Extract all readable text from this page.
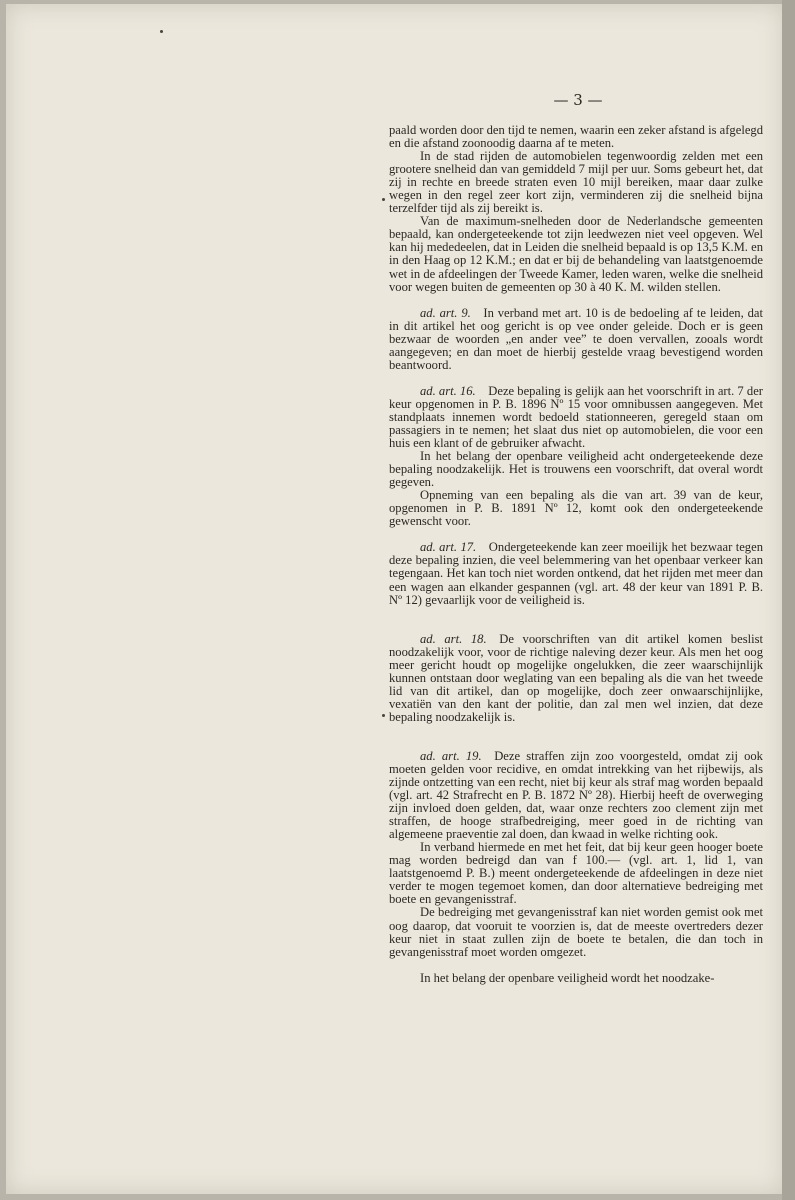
— 3 —

paald worden door den tijd te nemen, waarin een zeker afstand is afgelegd en die afstand zoonoodig daarna af te meten.

In de stad rijden de automobielen tegenwoordig zelden met een grootere snelheid dan van gemiddeld 7 mijl per uur. Soms gebeurt het, dat zij in rechte en breede straten even 10 mijl bereiken, maar daar zulke wegen in den regel zeer kort zijn, verminderen zij die snelheid bijna terzelfder tijd als zij bereikt is.

Van de maximum-snelheden door de Nederlandsche gemeenten bepaald, kan ondergeteekende tot zijn leedwezen niet veel opgeven. Wel kan hij mededeelen, dat in Leiden die snelheid bepaald is op 13,5 K.M. en in den Haag op 12 K.M.; en dat er bij de behandeling van laatstgenoemde wet in de afdeelingen der Tweede Kamer, leden waren, welke die snelheid voor wegen buiten de gemeenten op 30 à 40 K. M. wilden stellen.

ad. art. 9.  In verband met art. 10 is de bedoeling af te leiden, dat in dit artikel het oog gericht is op vee onder geleide. Doch er is geen bezwaar de woorden „en ander vee” te doen vervallen, zooals wordt aangegeven; en dan moet de hierbij gestelde vraag bevestigend worden beantwoord.

ad. art. 16.  Deze bepaling is gelijk aan het voorschrift in art. 7 der keur opgenomen in P. B. 1896 Nº 15 voor omnibussen aangegeven. Met standplaats innemen wordt bedoeld stationneeren, geregeld staan om passagiers in te nemen; het slaat dus niet op automobielen, die voor een huis een klant of de gebruiker afwacht.

In het belang der openbare veiligheid acht ondergeteekende deze bepaling noodzakelijk. Het is trouwens een voorschrift, dat overal wordt gegeven.

Opneming van een bepaling als die van art. 39 van de keur, opgenomen in P. B. 1891 Nº 12, komt ook den ondergeteekende gewenscht voor.

ad. art. 17.  Ondergeteekende kan zeer moeilijk het bezwaar tegen deze bepaling inzien, die veel belemmering van het openbaar verkeer kan tegengaan. Het kan toch niet worden ontkend, dat het rijden met meer dan een wagen aan elkander gespannen (vgl. art. 48 der keur van 1891 P. B. Nº 12) gevaarlijk voor de veiligheid is.

ad. art. 18.  De voorschriften van dit artikel komen beslist noodzakelijk voor, voor de richtige naleving dezer keur. Als men het oog meer gericht houdt op mogelijke ongelukken, die zeer waarschijnlijk kunnen ontstaan door weglating van een bepaling als die van het tweede lid van dit artikel, dan op mogelijke, doch zeer onwaarschijnlijke, vexatiën van den kant der politie, dan zal men wel inzien, dat deze bepaling noodzakelijk is.

ad. art. 19.  Deze straffen zijn zoo voorgesteld, omdat zij ook moeten gelden voor recidive, en omdat intrekking van het rijbewijs, als zijnde ontzetting van een recht, niet bij keur als straf mag worden bepaald (vgl. art. 42 Strafrecht en P. B. 1872 Nº 28). Hierbij heeft de overweging zijn invloed doen gelden, dat, waar onze rechters zoo clement zijn met straffen, de hooge strafbedreiging, meer goed in de richting van algemeene praeventie zal doen, dan kwaad in welke richting ook.

In verband hiermede en met het feit, dat bij keur geen hooger boete mag worden bedreigd dan van f 100.— (vgl. art. 1, lid 1, van laatstgenoemd P. B.) meent ondergeteekende de afdeelingen in deze niet verder te mogen tegemoet komen, dan door alternatieve bedreiging met boete en gevangenisstraf.

De bedreiging met gevangenisstraf kan niet worden gemist ook met oog daarop, dat vooruit te voorzien is, dat de meeste overtreders dezer keur niet in staat zullen zijn de boete te betalen, die dan toch in gevangenisstraf moet worden omgezet.

In het belang der openbare veiligheid wordt het noodzake-
